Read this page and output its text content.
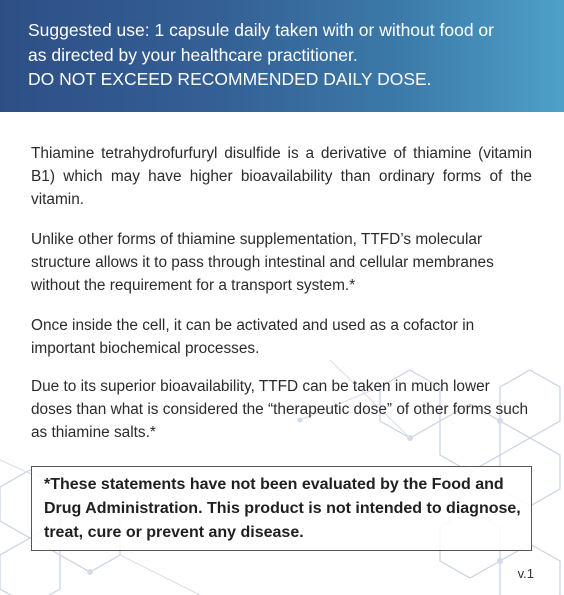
Suggested use: 1 capsule daily taken with or without food or
as directed by your healthcare practitioner.
DO NOT EXCEED RECOMMENDED DAILY DOSE.

Thiamine tetrahydrofurfuryl disulfide is a derivative of thiamine (vitamin B1) which may have higher bioavailability than ordinary forms of the vitamin.

Unlike other forms of thiamine supplementation, TTFD’s molecular structure allows it to pass through intestinal and cellular membranes without the requirement for a transport system.*

Once inside the cell, it can be activated and used as a cofactor in important biochemical processes.

Due to its superior bioavailability, TTFD can be taken in much lower doses than what is considered the “therapeutic dose” of other forms such as thiamine salts.*

*These statements have not been evaluated by the Food and Drug Administration. This product is not intended to diagnose, treat, cure or prevent any disease.

v.1
